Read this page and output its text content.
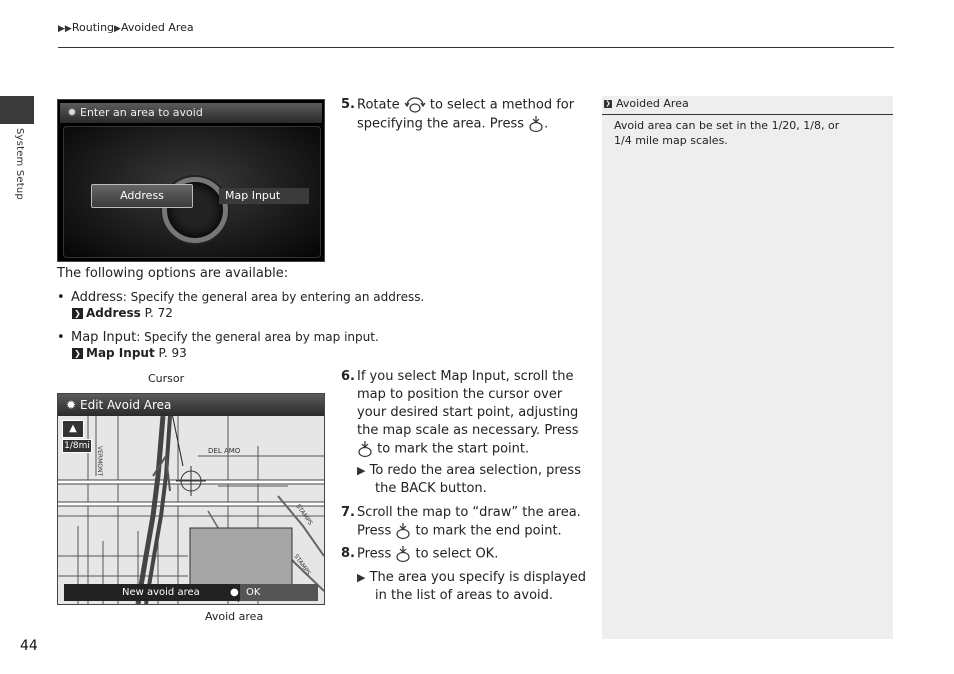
▶▶Routing▶Avoided Area
System Setup
✹ Enter an area to avoid
Address	Map Input
5. Rotate to select a method for
specifying the area. Press .
The following options are available:
• Address: Specify the general area by entering an address.
❯ Address P. 72
• Map Input: Specify the general area by map input.
❯ Map Input P. 93
Cursor
Avoid area
DEL AMO
VERMONT
STAMPS
STAMPS
✹ Edit Avoid Area
▲
1/8mi
New avoid area	● OK
6. If you select Map Input, scroll the
map to position the cursor over
your desired start point, adjusting
the map scale as necessary. Press
to mark the start point.
▶ To redo the area selection, press
the BACK button.
7. Scroll the map to “draw” the area.
Press to mark the end point.
8. Press to select OK.
▶ The area you specify is displayed
in the list of areas to avoid.
❯ Avoided Area
Avoid area can be set in the 1/20, 1/8, or
1/4 mile map scales.
44
